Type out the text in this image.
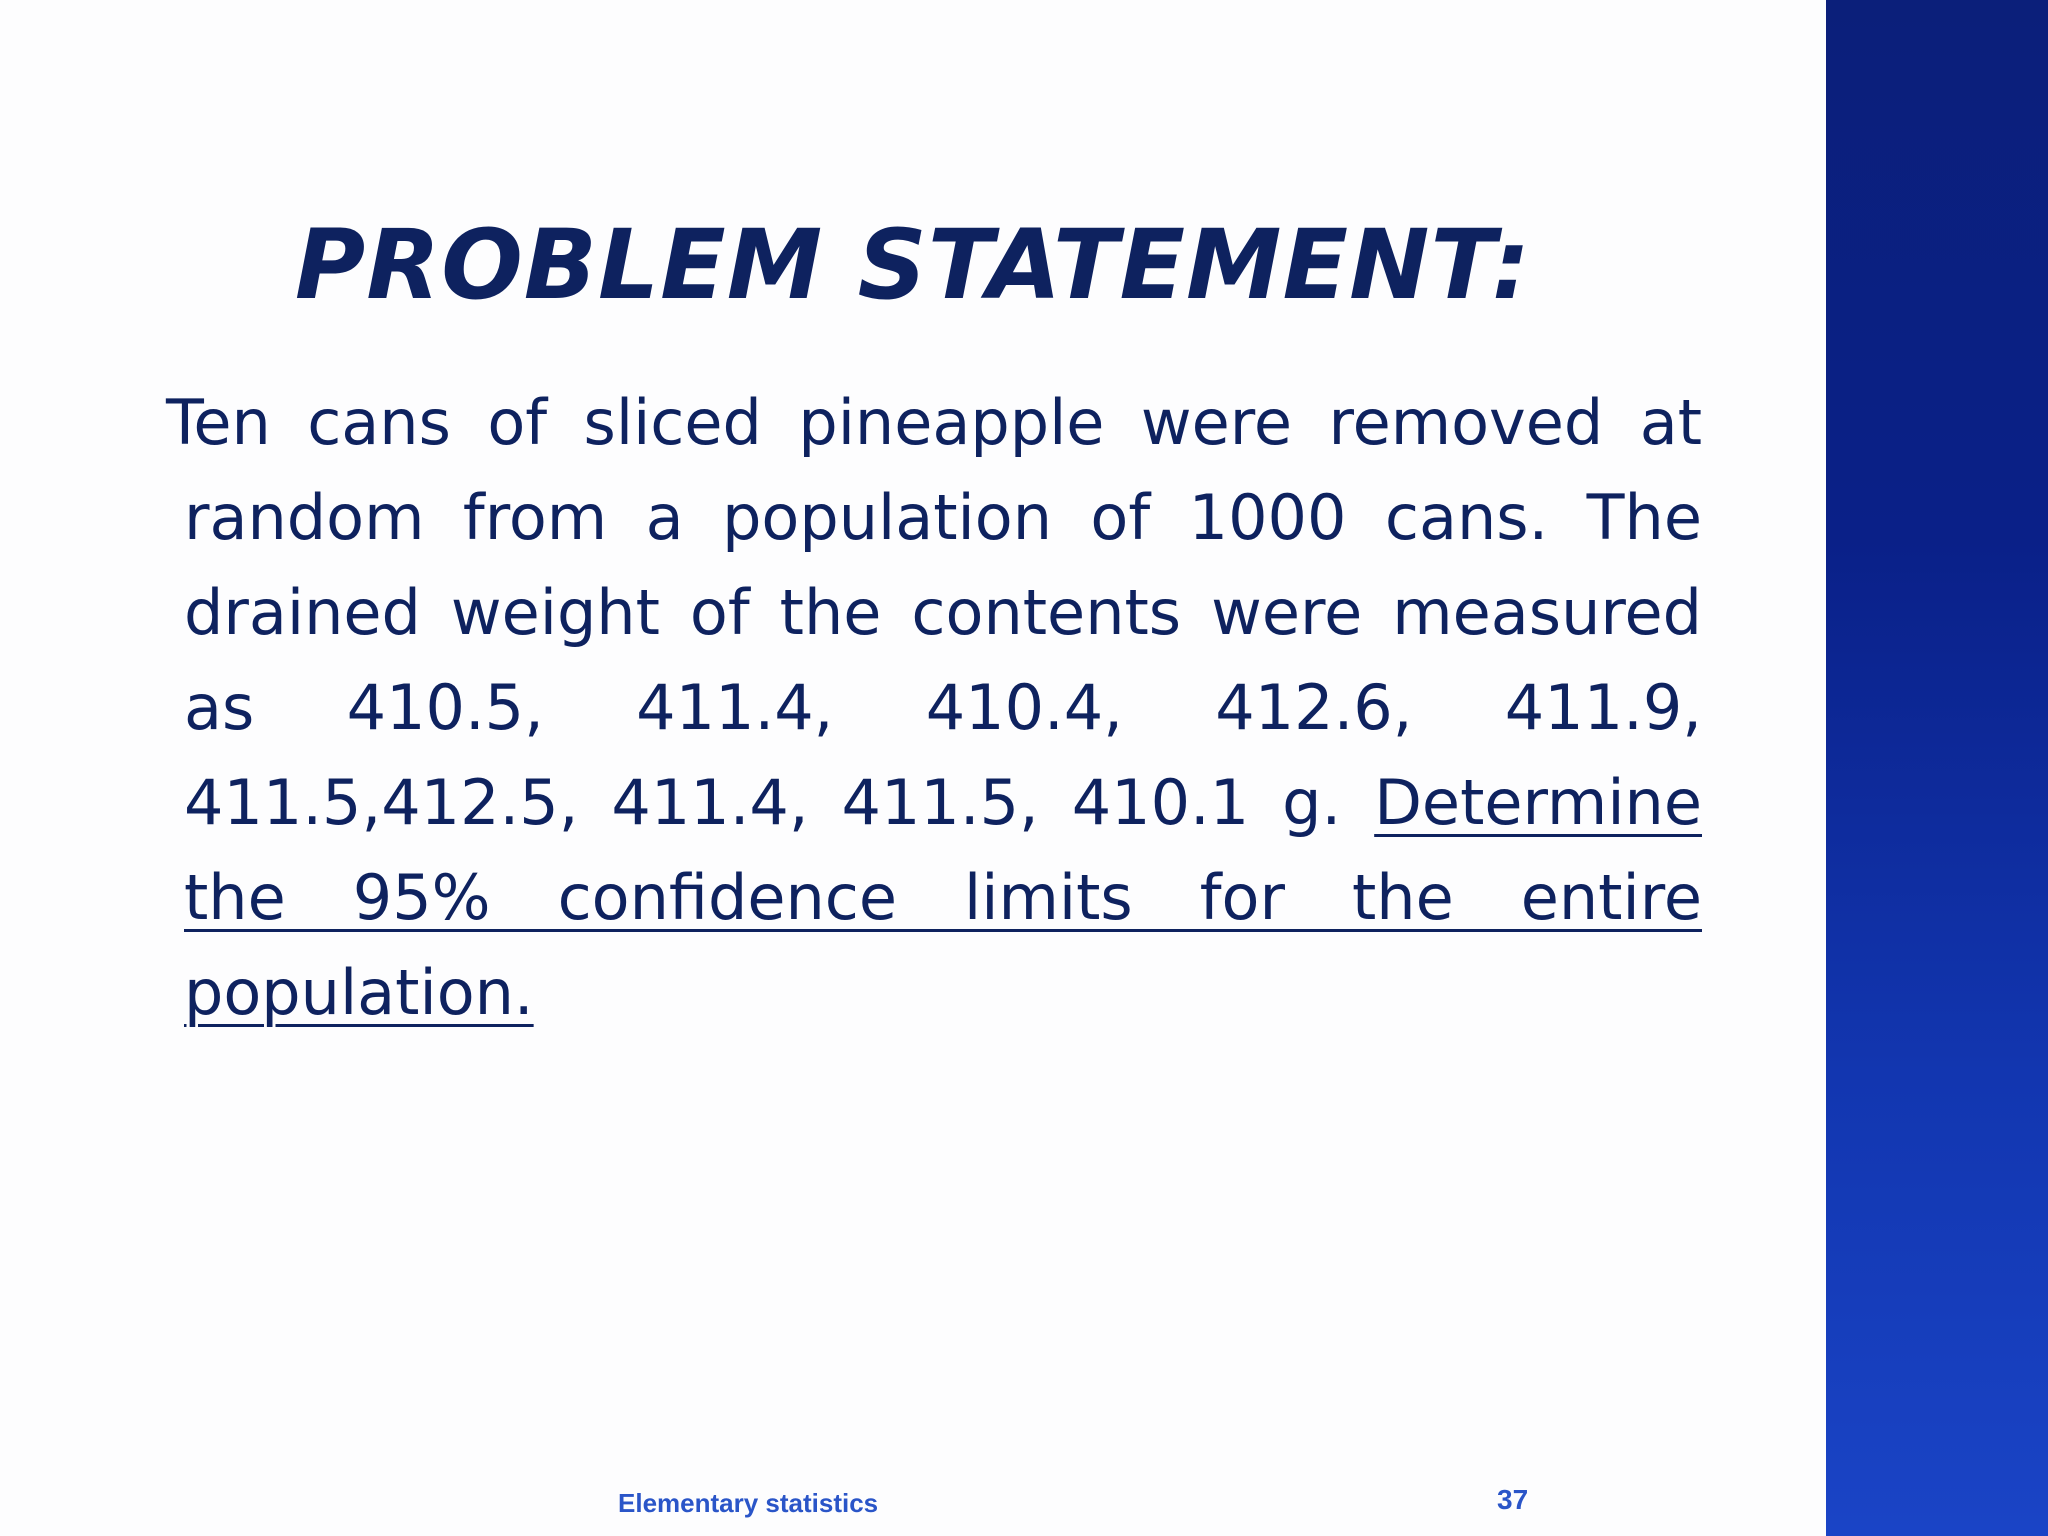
PROBLEM STATEMENT:
Ten cans of sliced pineapple were removed at random from a population of 1000 cans. The drained weight of the contents were measured as 410.5, 411.4, 410.4, 412.6, 411.9, 411.5,412.5, 411.4, 411.5, 410.1 g. Determine the 95% confidence limits for the entire population.
Elementary statistics	37
